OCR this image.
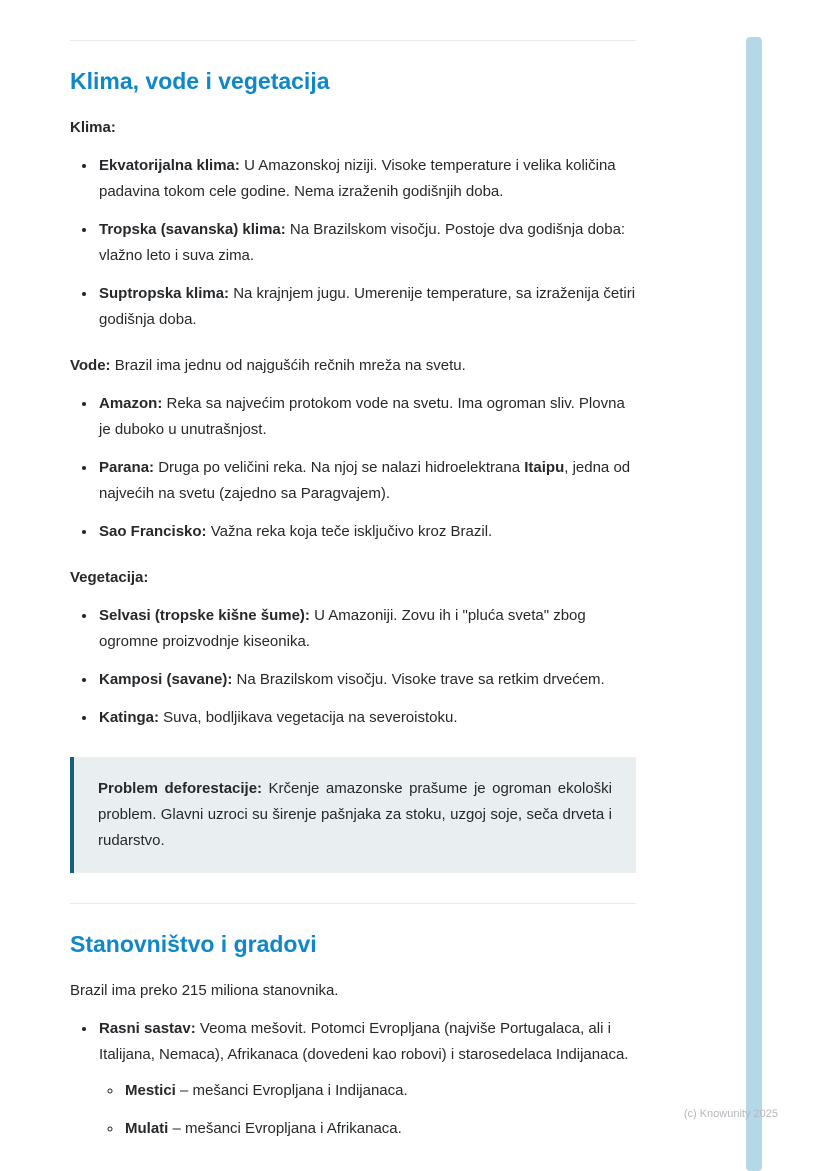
Klima, vode i vegetacija

Klima:

• Ekvatorijalna klima: U Amazonskoj niziji. Visoke temperature i velika količina padavina tokom cele godine. Nema izraženih godišnjih doba.
• Tropska (savanska) klima: Na Brazilskom visočju. Postoje dva godišnja doba: vlažno leto i suva zima.
• Suptropska klima: Na krajnjem jugu. Umerenije temperature, sa izraženija četiri godišnja doba.

Vode: Brazil ima jednu od najgušćih rečnih mreža na svetu.

• Amazon: Reka sa najvećim protokom vode na svetu. Ima ogroman sliv. Plovna je duboko u unutrašnjost.
• Parana: Druga po veličini reka. Na njoj se nalazi hidroelektrana Itaipu, jedna od najvećih na svetu (zajedno sa Paragvajem).
• Sao Francisko: Važna reka koja teče isključivo kroz Brazil.

Vegetacija:

• Selvasi (tropske kišne šume): U Amazoniji. Zovu ih i "pluća sveta" zbog ogromne proizvodnje kiseonika.
• Kamposi (savane): Na Brazilskom visočju. Visoke trave sa retkim drvećem.
• Katinga: Suva, bodljikava vegetacija na severoistoku.
Problem deforestacije: Krčenje amazonske prašume je ogroman ekološki problem. Glavni uzroci su širenje pašnjaka za stoku, uzgoj soje, seča drveta i rudarstvo.
Stanovništvo i gradovi

Brazil ima preko 215 miliona stanovnika.

• Rasni sastav: Veoma mešovit. Potomci Evropljana (najviše Portugalaca, ali i Italijana, Nemaca), Afrikanaca (dovedeni kao robovi) i starosedelaca Indijanaca.
◦ Mestici – mešanci Evropljana i Indijanaca.
◦ Mulati – mešanci Evropljana i Afrikanaca.
(c) Knowunity 2025
